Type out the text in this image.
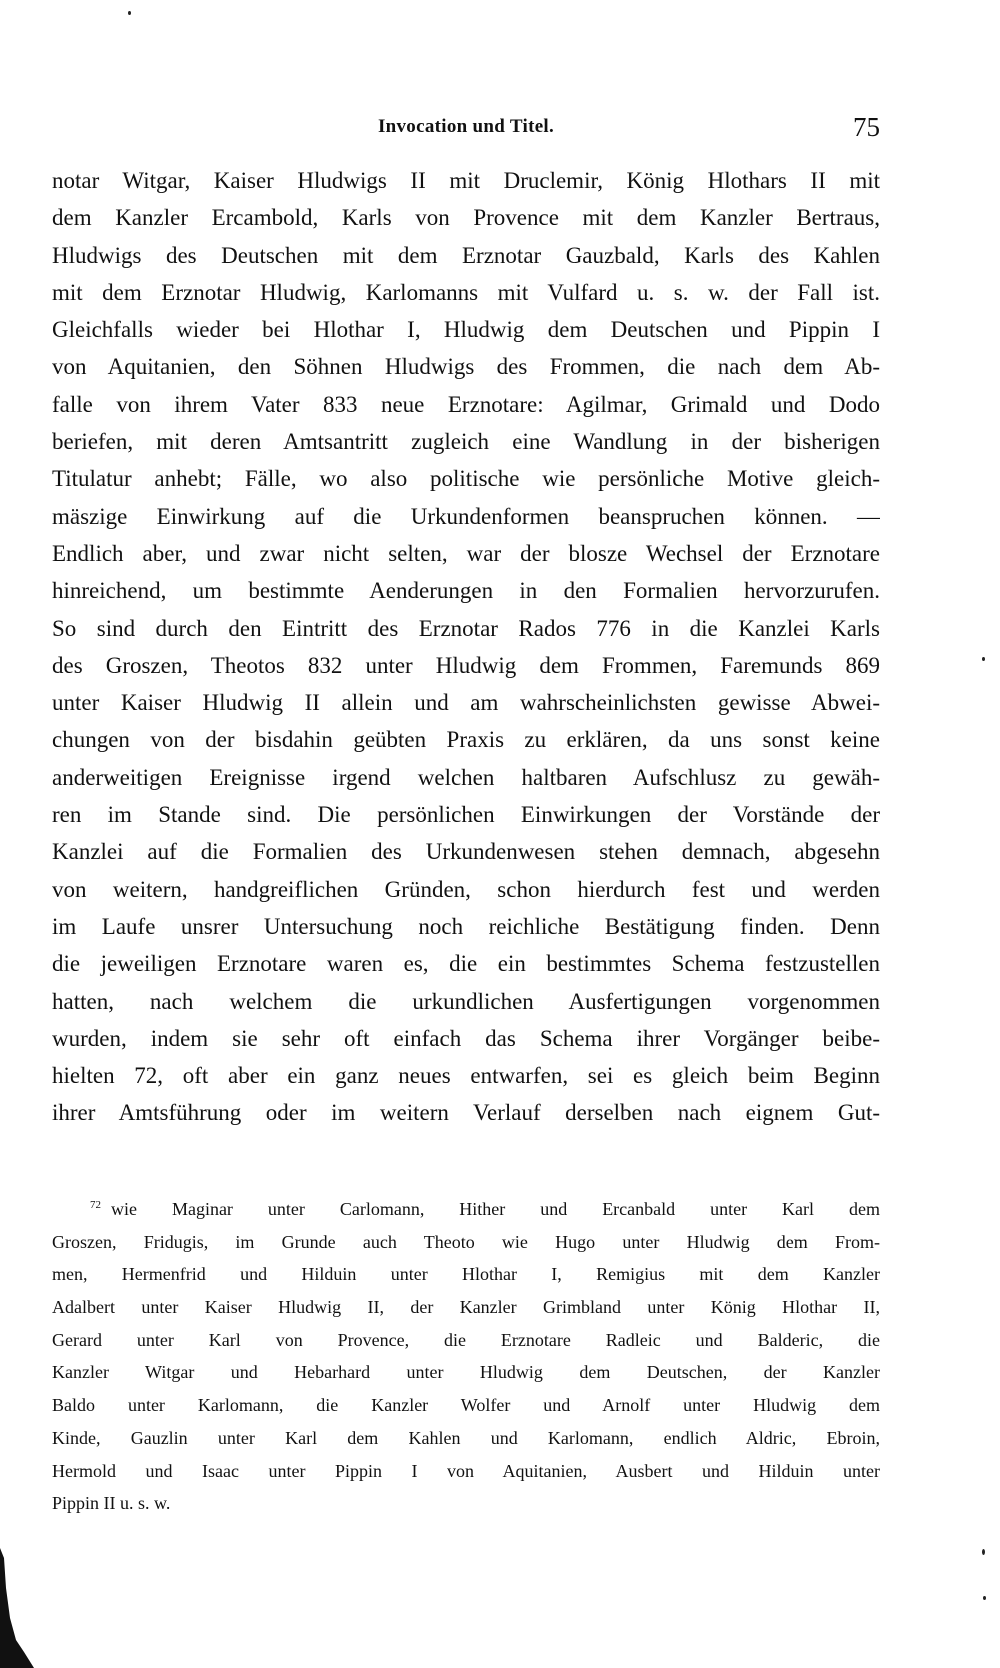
Invocation und Titel.	75
notar Witgar, Kaiser Hludwigs II mit Druclemir, König Hlothars II mit
dem Kanzler Ercambold, Karls von Provence mit dem Kanzler Bertraus,
Hludwigs des Deutschen mit dem Erznotar Gauzbald, Karls des Kahlen
mit dem Erznotar Hludwig, Karlomanns mit Vulfard u. s. w. der Fall ist.
Gleichfalls wieder bei Hlothar I, Hludwig dem Deutschen und Pippin I
von Aquitanien, den Söhnen Hludwigs des Frommen, die nach dem Ab-
falle von ihrem Vater 833 neue Erznotare: Agilmar, Grimald und Dodo
beriefen, mit deren Amtsantritt zugleich eine Wandlung in der bisherigen
Titulatur anhebt; Fälle, wo also politische wie persönliche Motive gleich-
mäszige Einwirkung auf die Urkundenformen beanspruchen können. —
Endlich aber, und zwar nicht selten, war der blosze Wechsel der Erznotare
hinreichend, um bestimmte Aenderungen in den Formalien hervorzurufen.
So sind durch den Eintritt des Erznotar Rados 776 in die Kanzlei Karls
des Groszen, Theotos 832 unter Hludwig dem Frommen, Faremunds 869
unter Kaiser Hludwig II allein und am wahrscheinlichsten gewisse Abwei-
chungen von der bisdahin geübten Praxis zu erklären, da uns sonst keine
anderweitigen Ereignisse irgend welchen haltbaren Aufschlusz zu gewäh-
ren im Stande sind. Die persönlichen Einwirkungen der Vorstände der
Kanzlei auf die Formalien des Urkundenwesen stehen demnach, abgesehn
von weitern, handgreiflichen Gründen, schon hierdurch fest und werden
im Laufe unsrer Untersuchung noch reichliche Bestätigung finden. Denn
die jeweiligen Erznotare waren es, die ein bestimmtes Schema festzustellen
hatten, nach welchem die urkundlichen Ausfertigungen vorgenommen
wurden, indem sie sehr oft einfach das Schema ihrer Vorgänger beibe-
hielten 72, oft aber ein ganz neues entwarfen, sei es gleich beim Beginn
ihrer Amtsführung oder im weitern Verlauf derselben nach eignem Gut-
$^{72}$ wie Maginar unter Carlomann, Hither und Ercanbald unter Karl dem
Groszen, Fridugis, im Grunde auch Theoto wie Hugo unter Hludwig dem From-
men, Hermenfrid und Hilduin unter Hlothar I, Remigius mit dem Kanzler
Adalbert unter Kaiser Hludwig II, der Kanzler Grimbland unter König Hlothar II,
Gerard unter Karl von Provence, die Erznotare Radleic und Balderic, die
Kanzler Witgar und Hebarhard unter Hludwig dem Deutschen, der Kanzler
Baldo unter Karlomann, die Kanzler Wolfer und Arnolf unter Hludwig dem
Kinde, Gauzlin unter Karl dem Kahlen und Karlomann, endlich Aldric, Ebroin,
Hermold und Isaac unter Pippin I von Aquitanien, Ausbert und Hilduin unter
Pippin II u. s. w.
